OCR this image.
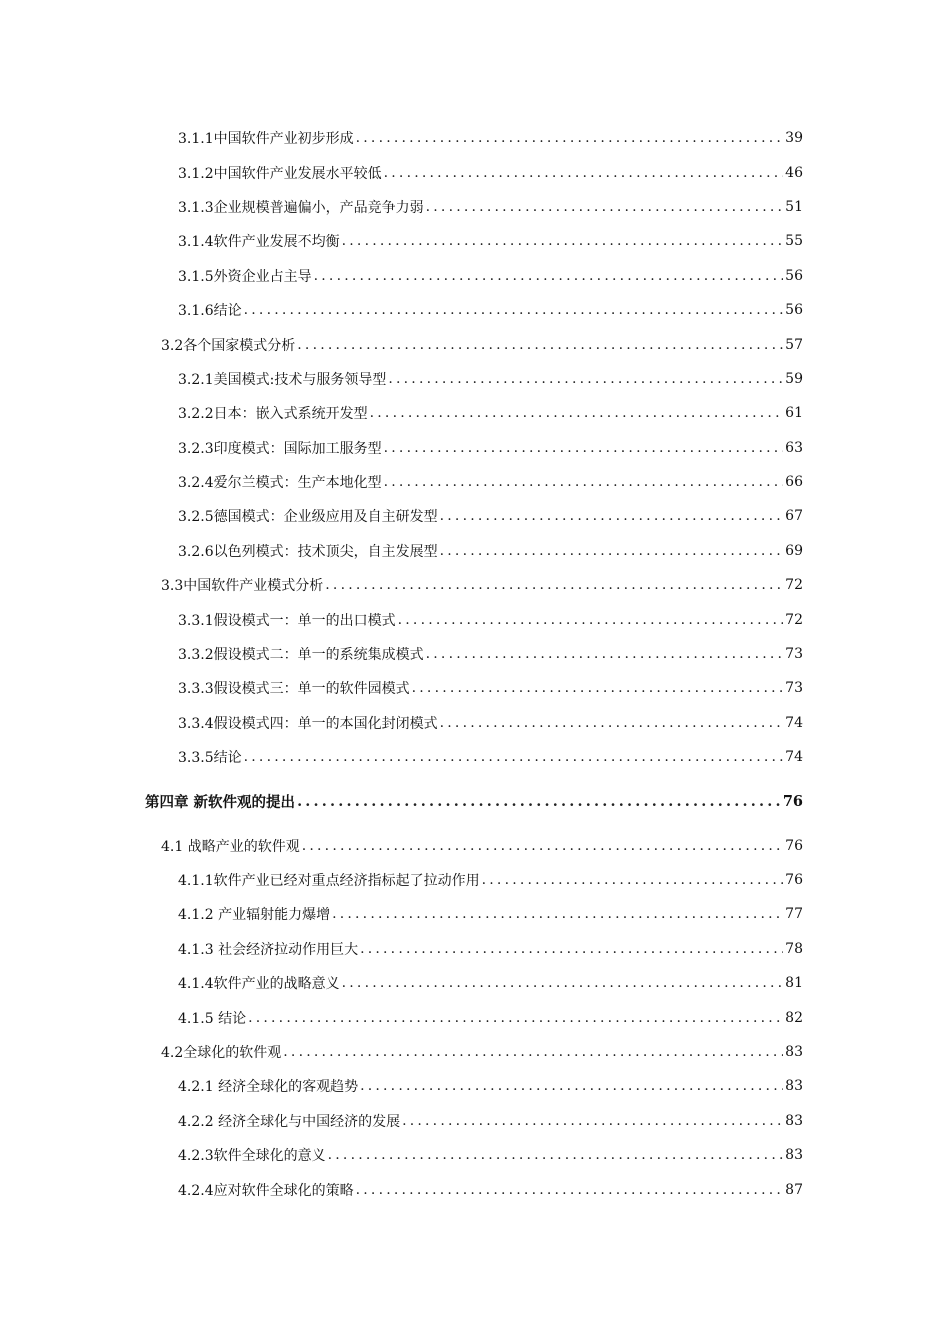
3.1.1中国软件产业初步形成 .....	39
3.1.2中国软件产业发展水平较低 .....	46
3.1.3企业规模普遍偏小，产品竞争力弱 .....	51
3.1.4软件产业发展不均衡 .....	55
3.1.5外资企业占主导 .....	56
3.1.6结论 .....	56
3.2各个国家模式分析 .....	57
3.2.1美国模式:技术与服务领导型 .....	59
3.2.2日本：嵌入式系统开发型 .....	61
3.2.3印度模式：国际加工服务型 .....	63
3.2.4爱尔兰模式：生产本地化型 .....	66
3.2.5德国模式：企业级应用及自主研发型 .....	67
3.2.6以色列模式：技术顶尖，自主发展型 .....	69
3.3中国软件产业模式分析 .....	72
3.3.1假设模式一：单一的出口模式 .....	72
3.3.2假设模式二：单一的系统集成模式 .....	73
3.3.3假设模式三：单一的软件园模式 .....	73
3.3.4假设模式四：单一的本国化封闭模式 .....	74
3.3.5结论 .....	74
第四章 新软件观的提出 .....	76
4.1 战略产业的软件观 .....	76
4.1.1软件产业已经对重点经济指标起了拉动作用 .....	76
4.1.2 产业辐射能力爆增 .....	77
4.1.3 社会经济拉动作用巨大 .....	78
4.1.4软件产业的战略意义 .....	81
4.1.5 结论 .....	82
4.2全球化的软件观 .....	83
4.2.1 经济全球化的客观趋势 .....	83
4.2.2 经济全球化与中国经济的发展 .....	83
4.2.3软件全球化的意义 .....	83
4.2.4应对软件全球化的策略 .....	87
